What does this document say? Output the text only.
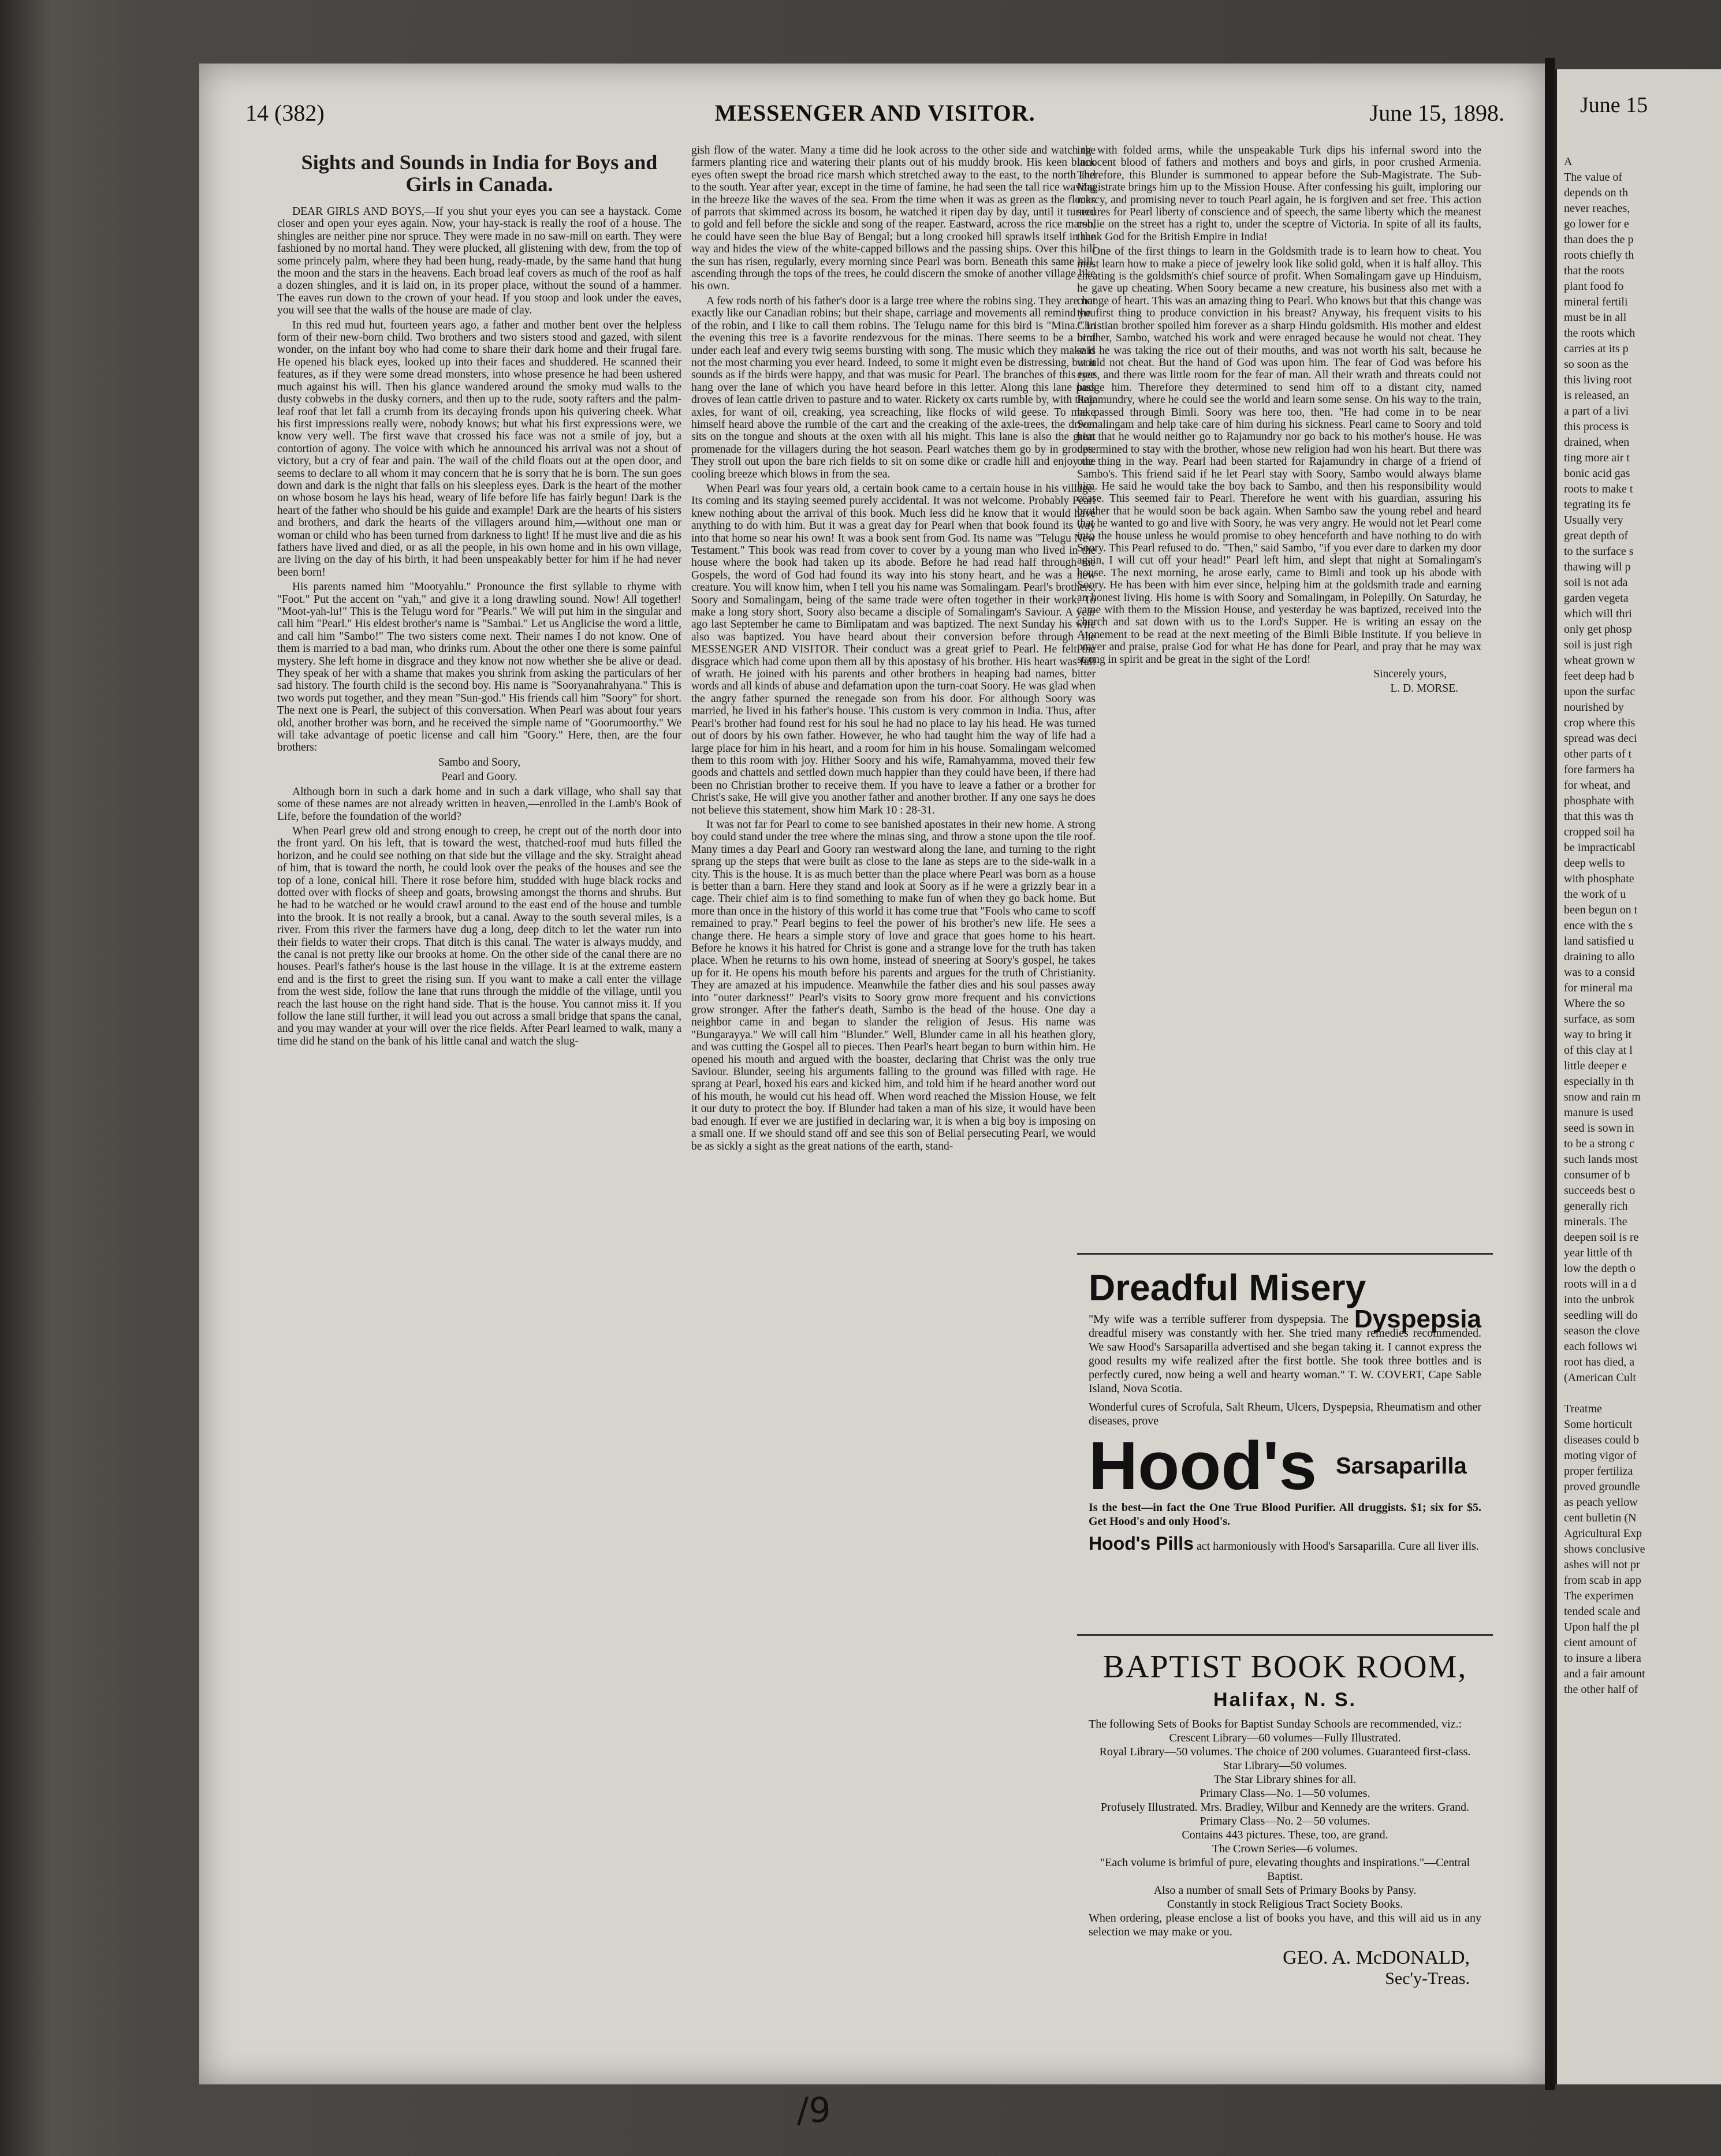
14 (382)	MESSENGER AND VISITOR.	June 15, 1898.
Sights and Sounds in India for Boys and Girls in Canada.

DEAR GIRLS AND BOYS,—If you shut your eyes you can see a haystack. Come closer and open your eyes again. Now, your hay-stack is really the roof of a house. The shingles are neither pine nor spruce. They were made in no saw-mill on earth. They were fashioned by no mortal hand. They were plucked, all glistening with dew, from the top of some princely palm, where they had been hung, ready-made, by the same hand that hung the moon and the stars in the heavens. Each broad leaf covers as much of the roof as half a dozen shingles, and it is laid on, in its proper place, without the sound of a hammer. The eaves run down to the crown of your head. If you stoop and look under the eaves, you will see that the walls of the house are made of clay.

In this red mud hut, fourteen years ago, a father and mother bent over the helpless form of their new-born child. Two brothers and two sisters stood and gazed, with silent wonder, on the infant boy who had come to share their dark home and their frugal fare. He opened his black eyes, looked up into their faces and shuddered. He scanned their features, as if they were some dread monsters, into whose presence he had been ushered much against his will. Then his glance wandered around the smoky mud walls to the dusty cobwebs in the dusky corners, and then up to the rude, sooty rafters and the palm-leaf roof that let fall a crumb from its decaying fronds upon his quivering cheek. What his first impressions really were, nobody knows; but what his first expressions were, we know very well. The first wave that crossed his face was not a smile of joy, but a contortion of agony. The voice with which he announced his arrival was not a shout of victory, but a cry of fear and pain. The wail of the child floats out at the open door, and seems to declare to all whom it may concern that he is sorry that he is born. The sun goes down and dark is the night that falls on his sleepless eyes. Dark is the heart of the mother on whose bosom he lays his head, weary of life before life has fairly begun! Dark is the heart of the father who should be his guide and example! Dark are the hearts of his sisters and brothers, and dark the hearts of the villagers around him,—without one man or woman or child who has been turned from darkness to light! If he must live and die as his fathers have lived and died, or as all the people, in his own home and in his own village, are living on the day of his birth, it had been unspeakably better for him if he had never been born!

His parents named him "Mootyahlu." Pronounce the first syllable to rhyme with "Foot." Put the accent on "yah," and give it a long drawling sound. Now! All together! "Moot-yah-lu!" This is the Telugu word for "Pearls." We will put him in the singular and call him "Pearl." His eldest brother's name is "Sambai." Let us Anglicise the word a little, and call him "Sambo!" The two sisters come next. Their names I do not know. One of them is married to a bad man, who drinks rum. About the other one there is some painful mystery. She left home in disgrace and they know not now whether she be alive or dead. They speak of her with a shame that makes you shrink from asking the particulars of her sad history. The fourth child is the second boy. His name is "Sooryanahrahyana." This is two words put together, and they mean "Sun-god." His friends call him "Soory" for short. The next one is Pearl, the subject of this conversation. When Pearl was about four years old, another brother was born, and he received the simple name of "Goorumoorthy." We will take advantage of poetic license and call him "Goory." Here, then, are the four brothers:

Sambo and Soory,

Pearl and Goory.

Although born in such a dark home and in such a dark village, who shall say that some of these names are not already written in heaven,—enrolled in the Lamb's Book of Life, before the foundation of the world?

When Pearl grew old and strong enough to creep, he crept out of the north door into the front yard. On his left, that is toward the west, thatched-roof mud huts filled the horizon, and he could see nothing on that side but the village and the sky. Straight ahead of him, that is toward the north, he could look over the peaks of the houses and see the top of a lone, conical hill. There it rose before him, studded with huge black rocks and dotted over with flocks of sheep and goats, browsing amongst the thorns and shrubs. But he had to be watched or he would crawl around to the east end of the house and tumble into the brook. It is not really a brook, but a canal. Away to the south several miles, is a river. From this river the farmers have dug a long, deep ditch to let the water run into their fields to water their crops. That ditch is this canal. The water is always muddy, and the canal is not pretty like our brooks at home. On the other side of the canal there are no houses. Pearl's father's house is the last house in the village. It is at the extreme eastern end and is the first to greet the rising sun. If you want to make a call enter the village from the west side, follow the lane that runs through the middle of the village, until you reach the last house on the right hand side. That is the house. You cannot miss it. If you follow the lane still further, it will lead you out across a small bridge that spans the canal, and you may wander at your will over the rice fields. After Pearl learned to walk, many a time did he stand on the bank of his little canal and watch the slug-

gish flow of the water. Many a time did he look across to the other side and watch the farmers planting rice and watering their plants out of his muddy brook. His keen black eyes often swept the broad rice marsh which stretched away to the east, to the north and to the south. Year after year, except in the time of famine, he had seen the tall rice waving in the breeze like the waves of the sea. From the time when it was as green as the flocks of parrots that skimmed across its bosom, he watched it ripen day by day, until it turned to gold and fell before the sickle and song of the reaper. Eastward, across the rice marsh, he could have seen the blue Bay of Bengal; but a long crooked hill sprawls itself in the way and hides the view of the white-capped billows and the passing ships. Over this hill the sun has risen, regularly, every morning since Pearl was born. Beneath this same hill, ascending through the tops of the trees, he could discern the smoke of another village like his own.

A few rods north of his father's door is a large tree where the robins sing. They are not exactly like our Canadian robins; but their shape, carriage and movements all remind you of the robin, and I like to call them robins. The Telugu name for this bird is "Mina." In the evening this tree is a favorite rendezvous for the minas. There seems to be a bird under each leaf and every twig seems bursting with song. The music which they make is not the most charming you ever heard. Indeed, to some it might even be distressing, but it sounds as if the birds were happy, and that was music for Pearl. The branches of this tree hang over the lane of which you have heard before in this letter. Along this lane pass droves of lean cattle driven to pasture and to water. Rickety ox carts rumble by, with their axles, for want of oil, creaking, yea screaching, like flocks of wild geese. To make himself heard above the rumble of the cart and the creaking of the axle-trees, the driver sits on the tongue and shouts at the oxen with all his might. This lane is also the great promenade for the villagers during the hot season. Pearl watches them go by in groups. They stroll out upon the bare rich fields to sit on some dike or cradle hill and enjoy the cooling breeze which blows in from the sea.

When Pearl was four years old, a certain book came to a certain house in his village. Its coming and its staying seemed purely accidental. It was not welcome. Probably Pearl knew nothing about the arrival of this book. Much less did he know that it would have anything to do with him. But it was a great day for Pearl when that book found its way into that home so near his own! It was a book sent from God. Its name was "Telugu New Testament." This book was read from cover to cover by a young man who lived in the house where the book had taken up its abode. Before he had read half through the Gospels, the word of God had found its way into his stony heart, and he was a new creature. You will know him, when I tell you his name was Somalingam. Pearl's brothers, Soory and Somalingam, being of the same trade were often together in their work. To make a long story short, Soory also became a disciple of Somalingam's Saviour. A year ago last September he came to Bimlipatam and was baptized. The next Sunday his wife also was baptized. You have heard about their conversion before through the MESSENGER AND VISITOR. Their conduct was a great grief to Pearl. He felt the disgrace which had come upon them all by this apostasy of his brother. His heart was full of wrath. He joined with his parents and other brothers in heaping bad names, bitter words and all kinds of abuse and defamation upon the turn-coat Soory. He was glad when the angry father spurned the renegade son from his door. For although Soory was married, he lived in his father's house. This custom is very common in India. Thus, after Pearl's brother had found rest for his soul he had no place to lay his head. He was turned out of doors by his own father. However, he who had taught him the way of life had a large place for him in his heart, and a room for him in his house. Somalingam welcomed them to this room with joy. Hither Soory and his wife, Ramahyamma, moved their few goods and chattels and settled down much happier than they could have been, if there had been no Christian brother to receive them. If you have to leave a father or a brother for Christ's sake, He will give you another father and another brother. If any one says he does not believe this statement, show him Mark 10 : 28-31.

It was not far for Pearl to come to see banished apostates in their new home. A strong boy could stand under the tree where the minas sing, and throw a stone upon the tile roof. Many times a day Pearl and Goory ran westward along the lane, and turning to the right sprang up the steps that were built as close to the lane as steps are to the side-walk in a city. This is the house. It is as much better than the place where Pearl was born as a house is better than a barn. Here they stand and look at Soory as if he were a grizzly bear in a cage. Their chief aim is to find something to make fun of when they go back home. But more than once in the history of this world it has come true that "Fools who came to scoff remained to pray." Pearl begins to feel the power of his brother's new life. He sees a change there. He hears a simple story of love and grace that goes home to his heart. Before he knows it his hatred for Christ is gone and a strange love for the truth has taken place. When he returns to his own home, instead of sneering at Soory's gospel, he takes up for it. He opens his mouth before his parents and argues for the truth of Christianity. They are amazed at his impudence. Meanwhile the father dies and his soul passes away into "outer darkness!" Pearl's visits to Soory grow more frequent and his convictions grow stronger. After the father's death, Sambo is the head of the house. One day a neighbor came in and began to slander the religion of Jesus. His name was "Bungarayya." We will call him "Blunder." Well, Blunder came in all his heathen glory, and was cutting the Gospel all to pieces. Then Pearl's heart began to burn within him. He opened his mouth and argued with the boaster, declaring that Christ was the only true Saviour. Blunder, seeing his arguments falling to the ground was filled with rage. He sprang at Pearl, boxed his ears and kicked him, and told him if he heard another word out of his mouth, he would cut his head off. When word reached the Mission House, we felt it our duty to protect the boy. If Blunder had taken a man of his size, it would have been bad enough. If ever we are justified in declaring war, it is when a big boy is imposing on a small one. If we should stand off and see this son of Belial persecuting Pearl, we would be as sickly a sight as the great nations of the earth, stand-

ing with folded arms, while the unspeakable Turk dips his infernal sword into the innocent blood of fathers and mothers and boys and girls, in poor crushed Armenia. Therefore, this Blunder is summoned to appear before the Sub-Magistrate. The Sub-Magistrate brings him up to the Mission House. After confessing his guilt, imploring our mercy, and promising never to touch Pearl again, he is forgiven and set free. This action secures for Pearl liberty of conscience and of speech, the same liberty which the meanest coolie on the street has a right to, under the sceptre of Victoria. In spite of all its faults, thank God for the British Empire in India!

One of the first things to learn in the Goldsmith trade is to learn how to cheat. You must learn how to make a piece of jewelry look like solid gold, when it is half alloy. This cheating is the goldsmith's chief source of profit. When Somalingam gave up Hinduism, he gave up cheating. When Soory became a new creature, his business also met with a change of heart. This was an amazing thing to Pearl. Who knows but that this change was the first thing to produce conviction in his breast? Anyway, his frequent visits to his Christian brother spoiled him forever as a sharp Hindu goldsmith. His mother and eldest brother, Sambo, watched his work and were enraged because he would not cheat. They said he was taking the rice out of their mouths, and was not worth his salt, because he would not cheat. But the hand of God was upon him. The fear of God was before his eyes, and there was little room for the fear of man. All their wrath and threats could not budge him. Therefore they determined to send him off to a distant city, named Rajamundry, where he could see the world and learn some sense. On his way to the train, he passed through Bimli. Soory was here too, then. "He had come in to be near Somalingam and help take care of him during his sickness. Pearl came to Soory and told him that he would neither go to Rajamundry nor go back to his mother's house. He was determined to stay with the brother, whose new religion had won his heart. But there was one thing in the way. Pearl had been started for Rajamundry in charge of a friend of Sambo's. This friend said if he let Pearl stay with Soory, Sambo would always blame him. He said he would take the boy back to Sambo, and then his responsibility would cease. This seemed fair to Pearl. Therefore he went with his guardian, assuring his brother that he would soon be back again. When Sambo saw the young rebel and heard that he wanted to go and live with Soory, he was very angry. He would not let Pearl come into the house unless he would promise to obey henceforth and have nothing to do with Soory. This Pearl refused to do. "Then," said Sambo, "if you ever dare to darken my door again, I will cut off your head!" Pearl left him, and slept that night at Somalingam's house. The next morning, he arose early, came to Bimli and took up his abode with Soory. He has been with him ever since, helping him at the goldsmith trade and earning an honest living. His home is with Soory and Somalingam, in Polepilly. On Saturday, he came with them to the Mission House, and yesterday he was baptized, received into the church and sat down with us to the Lord's Supper. He is writing an essay on the Atonement to be read at the next meeting of the Bimli Bible Institute. If you believe in prayer and praise, praise God for what He has done for Pearl, and pray that he may wax strong in spirit and be great in the sight of the Lord!

Sincerely yours,

L. D. MORSE.

Dreadful Misery
Dyspepsia
"My wife was a terrible sufferer from dyspepsia. The dreadful misery was constantly with her. She tried many remedies recommended. We saw Hood's Sarsaparilla advertised and she began taking it. I cannot express the good results my wife realized after the first bottle. She took three bottles and is perfectly cured, now being a well and hearty woman." T. W. COVERT, Cape Sable Island, Nova Scotia.
Wonderful cures of Scrofula, Salt Rheum, Ulcers, Dyspepsia, Rheumatism and other diseases, prove
Hood's $^{Sarsaparilla}$
Is the best—in fact the One True Blood Purifier. All druggists. $1; six for $5. Get Hood's and only Hood's.
Hood's Pills act harmoniously with Hood's Sarsaparilla. Cure all liver ills.
BAPTIST BOOK ROOM,
Halifax, N. S.
The following Sets of Books for Baptist Sunday Schools are recommended, viz.:
Crescent Library—60 volumes—Fully Illustrated.
Royal Library—50 volumes. The choice of 200 volumes. Guaranteed first-class.
Star Library—50 volumes.
The Star Library shines for all.
Primary Class—No. 1—50 volumes.
Profusely Illustrated. Mrs. Bradley, Wilbur and Kennedy are the writers. Grand.
Primary Class—No. 2—50 volumes.
Contains 443 pictures. These, too, are grand.
The Crown Series—6 volumes.
"Each volume is brimful of pure, elevating thoughts and inspirations."—Central Baptist.
Also a number of small Sets of Primary Books by Pansy.
Constantly in stock Religious Tract Society Books.
When ordering, please enclose a list of books you have, and this will aid us in any selection we may make or you.
GEO. A. McDONALD,
Sec'y-Treas.
June 15

A
The value of
depends on th
never reaches,
go lower for e
than does the p
roots chiefly th
that the roots
plant food fo
mineral fertili
must be in all
the roots which
carries at its p
so soon as the
this living root
is released, an
a part of a livi
this process is
drained, when
ting more air t
bonic acid gas
roots to make t
tegrating its fe
Usually very
great depth of
to the surface s
thawing will p
soil is not ada
garden vegeta
which will thri
only get phosp
soil is just righ
wheat grown w
feet deep had b
upon the surfac
nourished by
crop where this
spread was deci
other parts of t
fore farmers ha
for wheat, and
phosphate with
that this was th
cropped soil ha
be impracticabl
deep wells to
with phosphate
the work of u
been begun on t
ence with the s
land satisfied u
draining to allo
was to a consid
for mineral ma
Where the so
surface, as som
way to bring it
of this clay at l
little deeper e
especially in th
snow and rain m
manure is used
seed is sown in
to be a strong c
such lands most
consumer of b
succeeds best o
generally rich
minerals. The
deepen soil is re
year little of th
low the depth o
roots will in a d
into the unbrok
seedling will do
season the clove
each follows wi
root has died, a
(American Cult

Treatme
Some horticult
diseases could b
moting vigor of
proper fertiliza
proved groundle
as peach yellow
cent bulletin (N
Agricultural Exp
shows conclusive
ashes will not pr
from scab in app
The experimen
tended scale and
Upon half the pl
cient amount of
to insure a libera
and a fair amount
the other half of
/9
